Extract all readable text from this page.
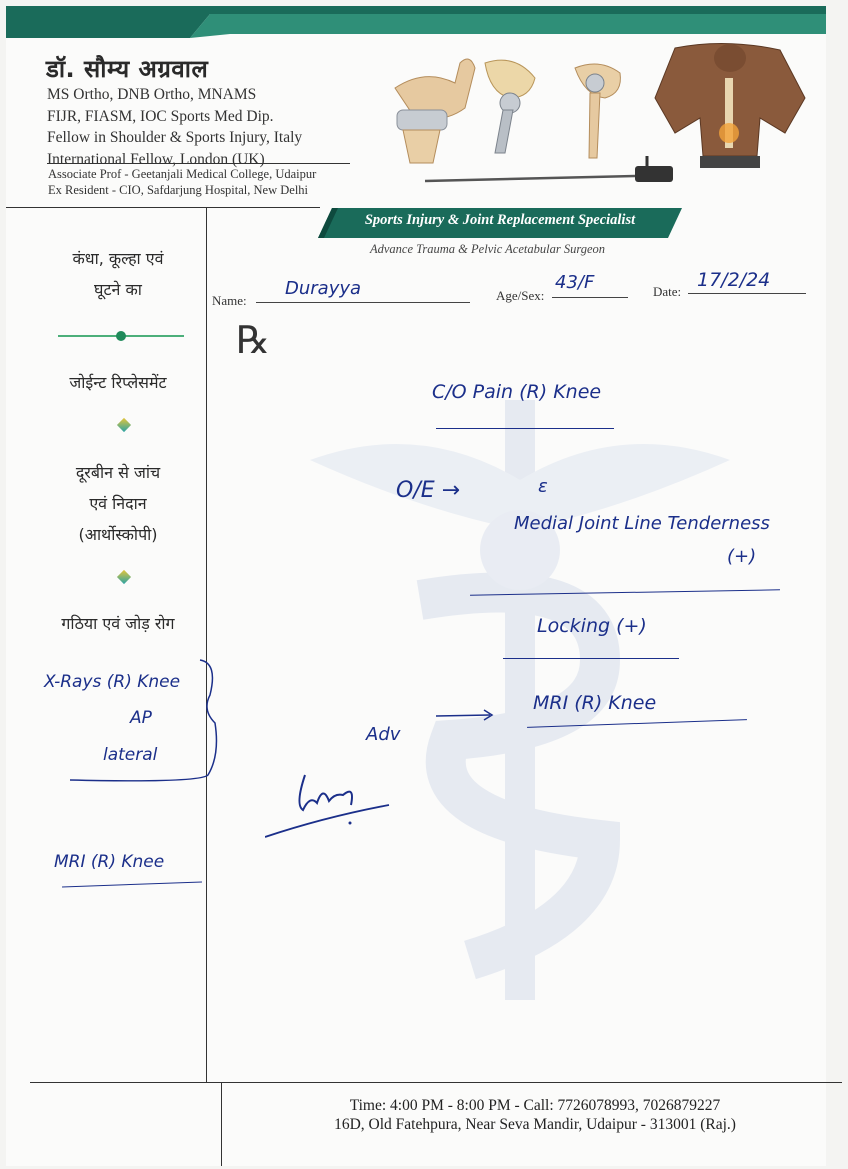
डॉ. सौम्य अग्रवाल
MS Ortho, DNB Ortho, MNAMS
FIJR, FIASM, IOC Sports Med Dip.
Fellow in Shoulder & Sports Injury, Italy
International Fellow, London (UK)
Associate Prof - Geetanjali Medical College, Udaipur
Ex Resident - CIO, Safdarjung Hospital, New Delhi
Sports Injury & Joint Replacement Specialist
Advance Trauma & Pelvic Acetabular Surgeon
कंधा, कूल्हा एवं
घूटने का
जोईन्ट रिप्लेसमेंट
दूरबीन से जांच
एवं निदान
(आर्थोस्कोपी)
गठिया एवं जोड़ रोग
X-Rays (R) Knee
AP
lateral
MRI (R) Knee
Name:
Durayya	Age/Sex:
43/F	Date:
17/2/24
℞
C/O Pain (R) Knee
O/E →	ε
Medial Joint Line Tenderness
(+)
Locking (+)
Adv
MRI (R) Knee
Time: 4:00 PM - 8:00 PM - Call: 7726078993, 7026879227
16D, Old Fatehpura, Near Seva Mandir, Udaipur - 313001 (Raj.)
